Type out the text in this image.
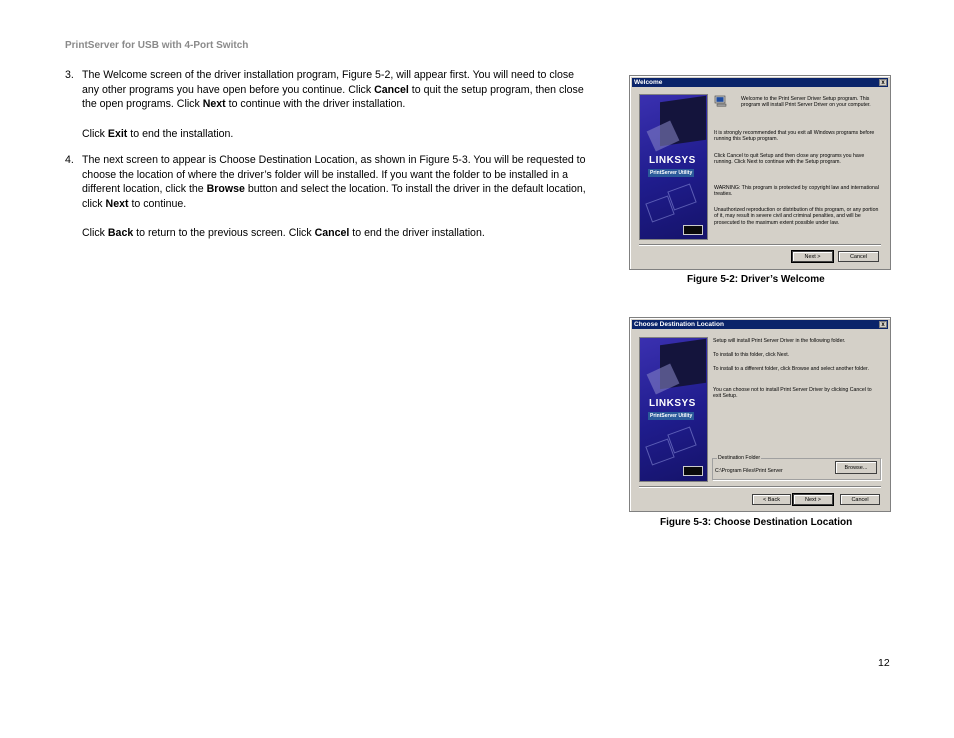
PrintServer for USB with 4-Port Switch
3. The Welcome screen of the driver installation program, Figure 5-2, will appear first. You will need to close any other programs you have open before you continue. Click Cancel to quit the setup program, then close the open programs. Click Next to continue with the driver installation.

Click Exit to end the installation.

4. The next screen to appear is Choose Destination Location, as shown in Figure 5-3. You will be requested to choose the location of where the driver’s folder will be installed. If you want the folder to be installed in a different location, click the Browse button and select the location. To install the driver in the default location, click Next to continue.

Click Back to return to the previous screen. Click Cancel to end the driver installation.

Welcome	x
LINKSYS
PrintServer Utility
Welcome to the Print Server Driver Setup program. This program will install Print Server Driver on your computer.
It is strongly recommended that you exit all Windows programs before running this Setup program.
Click Cancel to quit Setup and then close any programs you have running. Click Next to continue with the Setup program.
WARNING: This program is protected by copyright law and international treaties.
Unauthorized reproduction or distribution of this program, or any portion of it, may result in severe civil and criminal penalties, and will be prosecuted to the maximum extent possible under law.
Next >	Cancel
Figure 5-2: Driver’s Welcome
Choose Destination Location	x
LINKSYS
PrintServer Utility
Setup will install Print Server Driver in the following folder.
To install to this folder, click Next.
To install to a different folder, click Browse and select another folder.
You can choose not to install Print Server Driver by clicking Cancel to exit Setup.
Destination Folder
C:\Program Files\Print Server	Browse...
< Back	Next >	Cancel
Figure 5-3: Choose Destination Location
12
